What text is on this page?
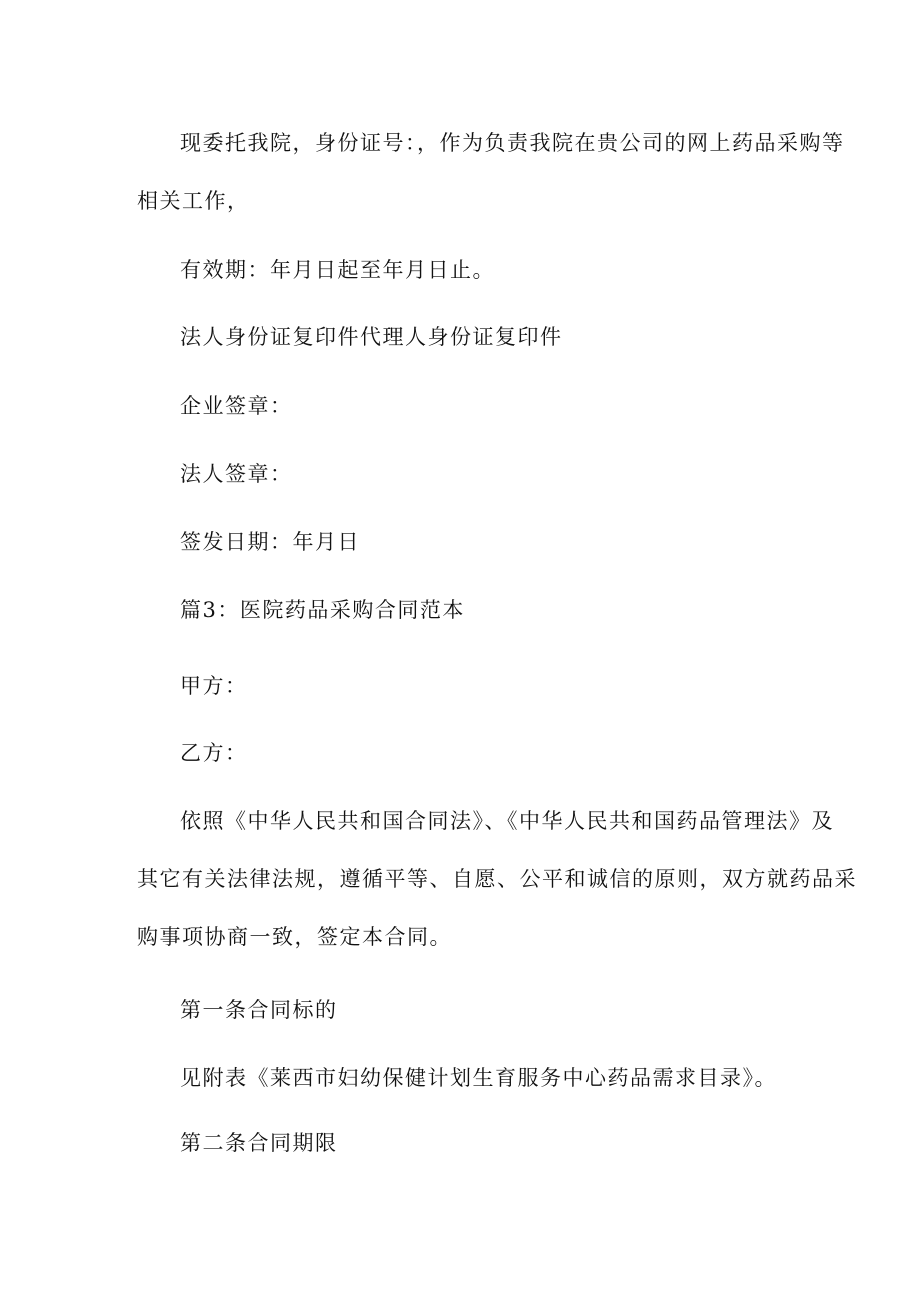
现委托我院，身份证号：，作为负责我院在贵公司的网上药品采购等
相关工作，
有效期：年月日起至年月日止。
法人身份证复印件代理人身份证复印件
企业签章：
法人签章：
签发日期：年月日
篇3：医院药品采购合同范本
甲方：
乙方：
依照《中华人民共和国合同法》、《中华人民共和国药品管理法》及
其它有关法律法规，遵循平等、自愿、公平和诚信的原则，双方就药品采
购事项协商一致，签定本合同。
第一条合同标的
见附表《莱西市妇幼保健计划生育服务中心药品需求目录》。
第二条合同期限
